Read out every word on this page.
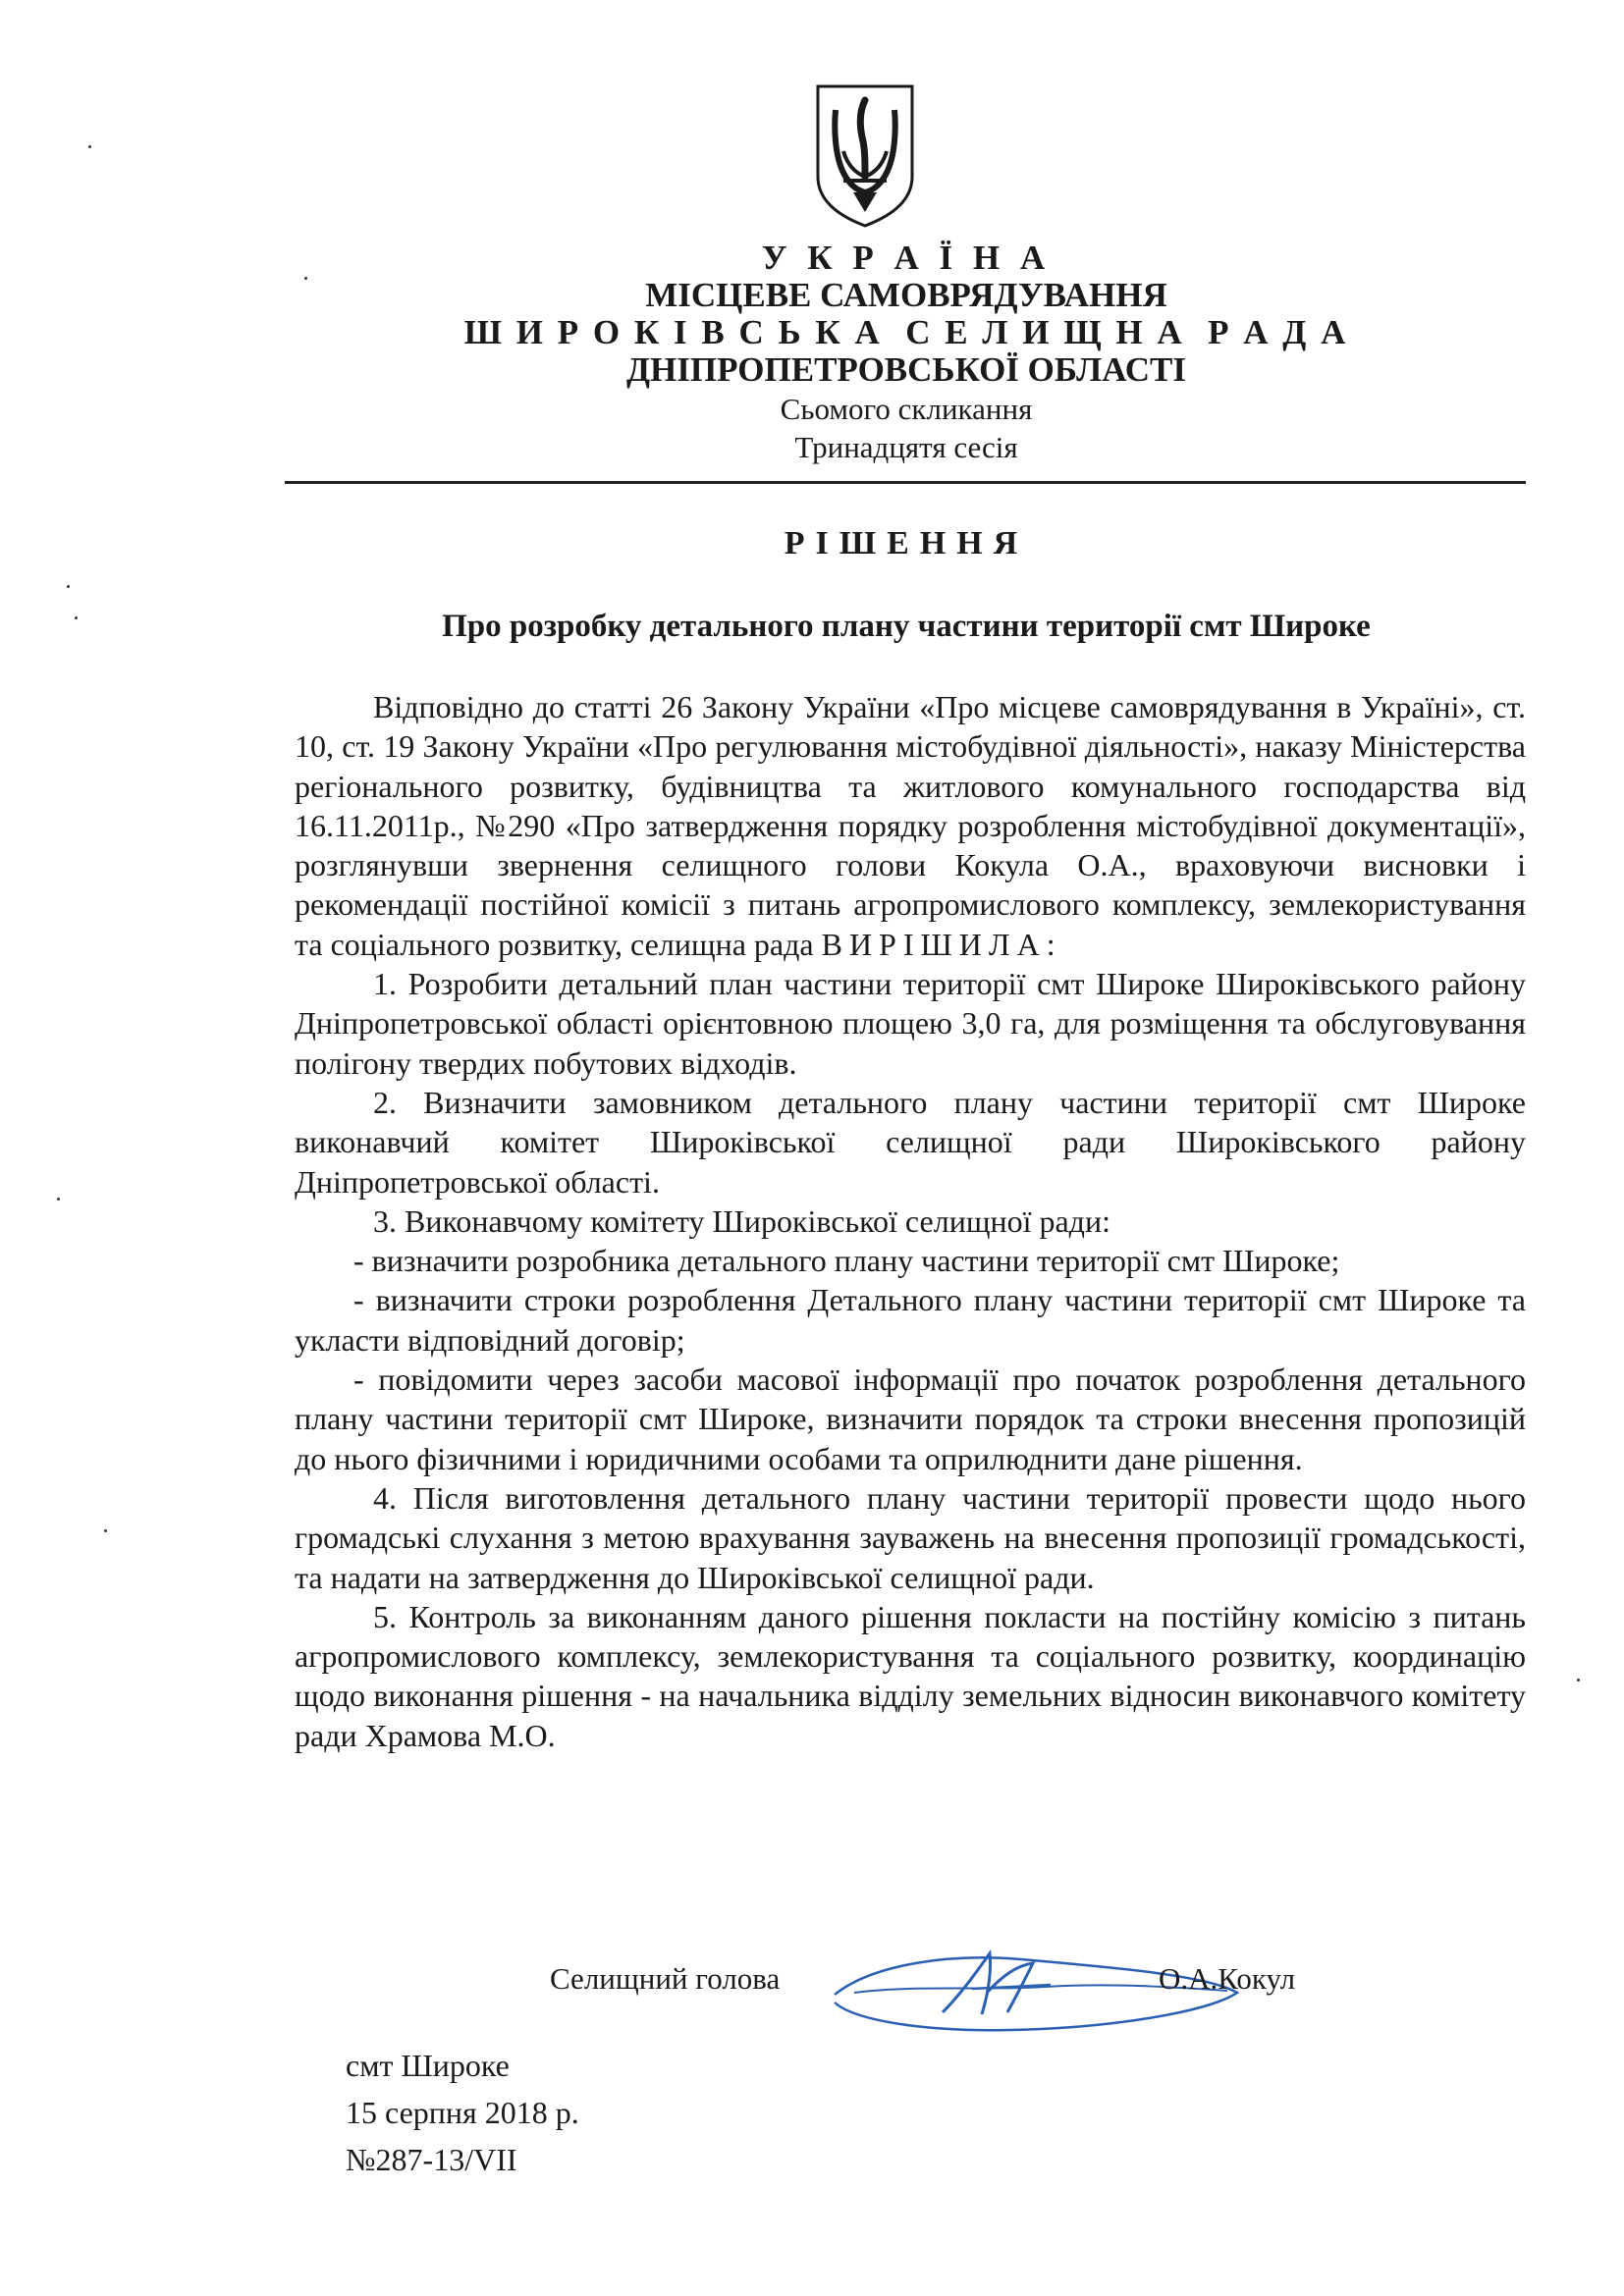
У К Р А Ї Н А
МІСЦЕВЕ САМОВРЯДУВАННЯ
Ш И Р О К І В С Ь К А  С Е Л И Щ Н А  Р А Д А
ДНІПРОПЕТРОВСЬКОЇ ОБЛАСТІ
Сьомого скликання
Тринадцятя сесія
РІШЕННЯ
Про розробку детального плану частини території смт Широке

Відповідно до статті 26 Закону України «Про місцеве самоврядування в Україні», ст. 10, ст. 19 Закону України «Про регулювання містобудівної діяльності», наказу Міністерства регіонального розвитку, будівництва та житлового комунального господарства від 16.11.2011р., №290 «Про затвердження порядку розроблення містобудівної документації», розглянувши звернення селищного голови Кокула О.А., враховуючи висновки і рекомендації постійної комісії з питань агропромислового комплексу, землекористування та соціального розвитку, селищна рада ВИРІШИЛА:

1. Розробити детальний план частини території смт Широке Широківського району Дніпропетровської області орієнтовною площею 3,0 га, для розміщення та обслуговування полігону твердих побутових відходів.

2. Визначити замовником детального плану частини території смт Широке виконавчий комітет Широківської селищної ради Широківського району Дніпропетровської області.

3. Виконавчому комітету Широківської селищної ради:

- визначити розробника детального плану частини території смт Широке;

- визначити строки розроблення Детального плану частини території смт Широке та укласти відповідний договір;

- повідомити через засоби масової інформації про початок розроблення детального плану частини території смт Широке, визначити порядок та строки внесення пропозицій до нього фізичними і юридичними особами та оприлюднити дане рішення.

4. Після виготовлення детального плану частини території провести щодо нього громадські слухання з метою врахування зауважень на внесення пропозиції громадськості, та надати на затвердження до Широківської селищної ради.

5. Контроль за виконанням даного рішення покласти на постійну комісію з питань агропромислового комплексу, землекористування та соціального розвитку, координацію щодо виконання рішення - на начальника відділу земельних відносин виконавчого комітету ради Храмова М.О.

Селищний голова	О.А.Кокул
смт Широке
15 серпня 2018 р.
№287-13/VII
